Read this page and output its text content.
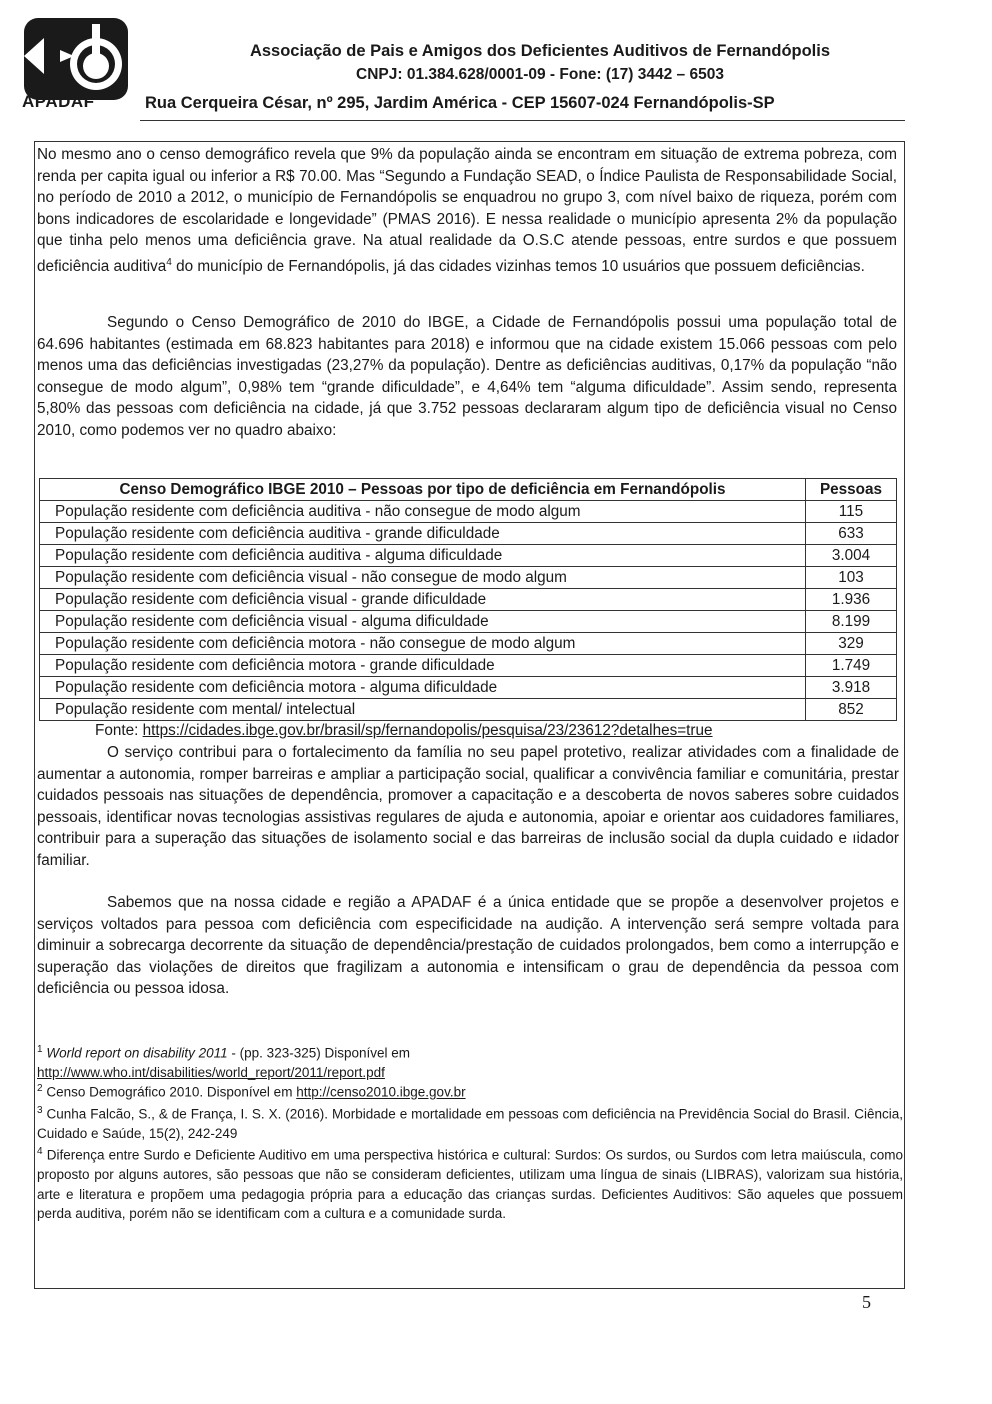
APADAF
Associação de Pais e Amigos dos Deficientes Auditivos de Fernandópolis
CNPJ: 01.384.628/0001-09 - Fone: (17) 3442 – 6503
Rua Cerqueira César, nº 295, Jardim América - CEP 15607-024 Fernandópolis-SP
No mesmo ano o censo demográfico revela que 9% da população ainda se encontram em situação de extrema pobreza, com renda per capita igual ou inferior a R$ 70.00. Mas “Segundo a Fundação SEAD, o Índice Paulista de Responsabilidade Social, no período de 2010 a 2012, o município de Fernandópolis se enquadrou no grupo 3, com nível baixo de riqueza, porém com bons indicadores de escolaridade e longevidade” (PMAS 2016). E nessa realidade o município apresenta 2% da população que tinha pelo menos uma deficiência grave. Na atual realidade da O.S.C atende pessoas, entre surdos e que possuem deficiência auditiva$^4$ do município de Fernandópolis, já das cidades vizinhas temos 10 usuários que possuem deficiências.
Segundo o Censo Demográfico de 2010 do IBGE, a Cidade de Fernandópolis possui uma população total de 64.696 habitantes (estimada em 68.823 habitantes para 2018) e informou que na cidade existem 15.066 pessoas com pelo menos uma das deficiências investigadas (23,27% da população). Dentre as deficiências auditivas, 0,17% da população “não consegue de modo algum”, 0,98% tem “grande dificuldade”, e 4,64% tem “alguma dificuldade”. Assim sendo, representa 5,80% das pessoas com deficiência na cidade, já que 3.752 pessoas declararam algum tipo de deficiência visual no Censo 2010, como podemos ver no quadro abaixo:
Censo Demográfico IBGE 2010 – Pessoas por tipo de deficiência em Fernandópolis	Pessoas
População residente com deficiência auditiva - não consegue de modo algum	115
População residente com deficiência auditiva - grande dificuldade	633
População residente com deficiência auditiva - alguma dificuldade	3.004
População residente com deficiência visual - não consegue de modo algum	103
População residente com deficiência visual - grande dificuldade	1.936
População residente com deficiência visual - alguma dificuldade	8.199
População residente com deficiência motora - não consegue de modo algum	329
População residente com deficiência motora - grande dificuldade	1.749
População residente com deficiência motora - alguma dificuldade	3.918
População residente com mental/ intelectual	852
Fonte: https://cidades.ibge.gov.br/brasil/sp/fernandopolis/pesquisa/23/23612?detalhes=true
O serviço contribui para o fortalecimento da família no seu papel protetivo, realizar atividades com a finalidade de aumentar a autonomia, romper barreiras e ampliar a participação social, qualificar a convivência familiar e comunitária, prestar cuidados pessoais nas situações de dependência, promover a capacitação e a descoberta de novos saberes sobre cuidados pessoais, identificar novas tecnologias assistivas regulares de ajuda e autonomia, apoiar e orientar aos cuidadores familiares, contribuir para a superação das situações de isolamento social e das barreiras de inclusão social da dupla cuidado e ıidador familiar.
Sabemos que na nossa cidade e região a APADAF é a única entidade que se propõe a desenvolver projetos e serviços voltados para pessoa com deficiência com especificidade na audição. A intervenção será sempre voltada para diminuir a sobrecarga decorrente da situação de dependência/prestação de cuidados prolongados, bem como a interrupção e superação das violações de direitos que fragilizam a autonomia e intensificam o grau de dependência da pessoa com deficiência ou pessoa idosa.
$^1$ World report on disability 2011 - (pp. 323-325) Disponível em
http://www.who.int/disabilities/world_report/2011/report.pdf
$^2$ Censo Demográfico 2010. Disponível em http://censo2010.ibge.gov.br
$^3$ Cunha Falcão, S., & de França, I. S. X. (2016). Morbidade e mortalidade em pessoas com deficiência na Previdência Social do Brasil. Ciência, Cuidado e Saúde, 15(2), 242-249
$^4$ Diferença entre Surdo e Deficiente Auditivo em uma perspectiva histórica e cultural: Surdos: Os surdos, ou Surdos com letra maiúscula, como proposto por alguns autores, são pessoas que não se consideram deficientes, utilizam uma língua de sinais (LIBRAS), valorizam sua história, arte e literatura e propõem uma pedagogia própria para a educação das crianças surdas. Deficientes Auditivos: São aqueles que possuem perda auditiva, porém não se identificam com a cultura e a comunidade surda.
5
